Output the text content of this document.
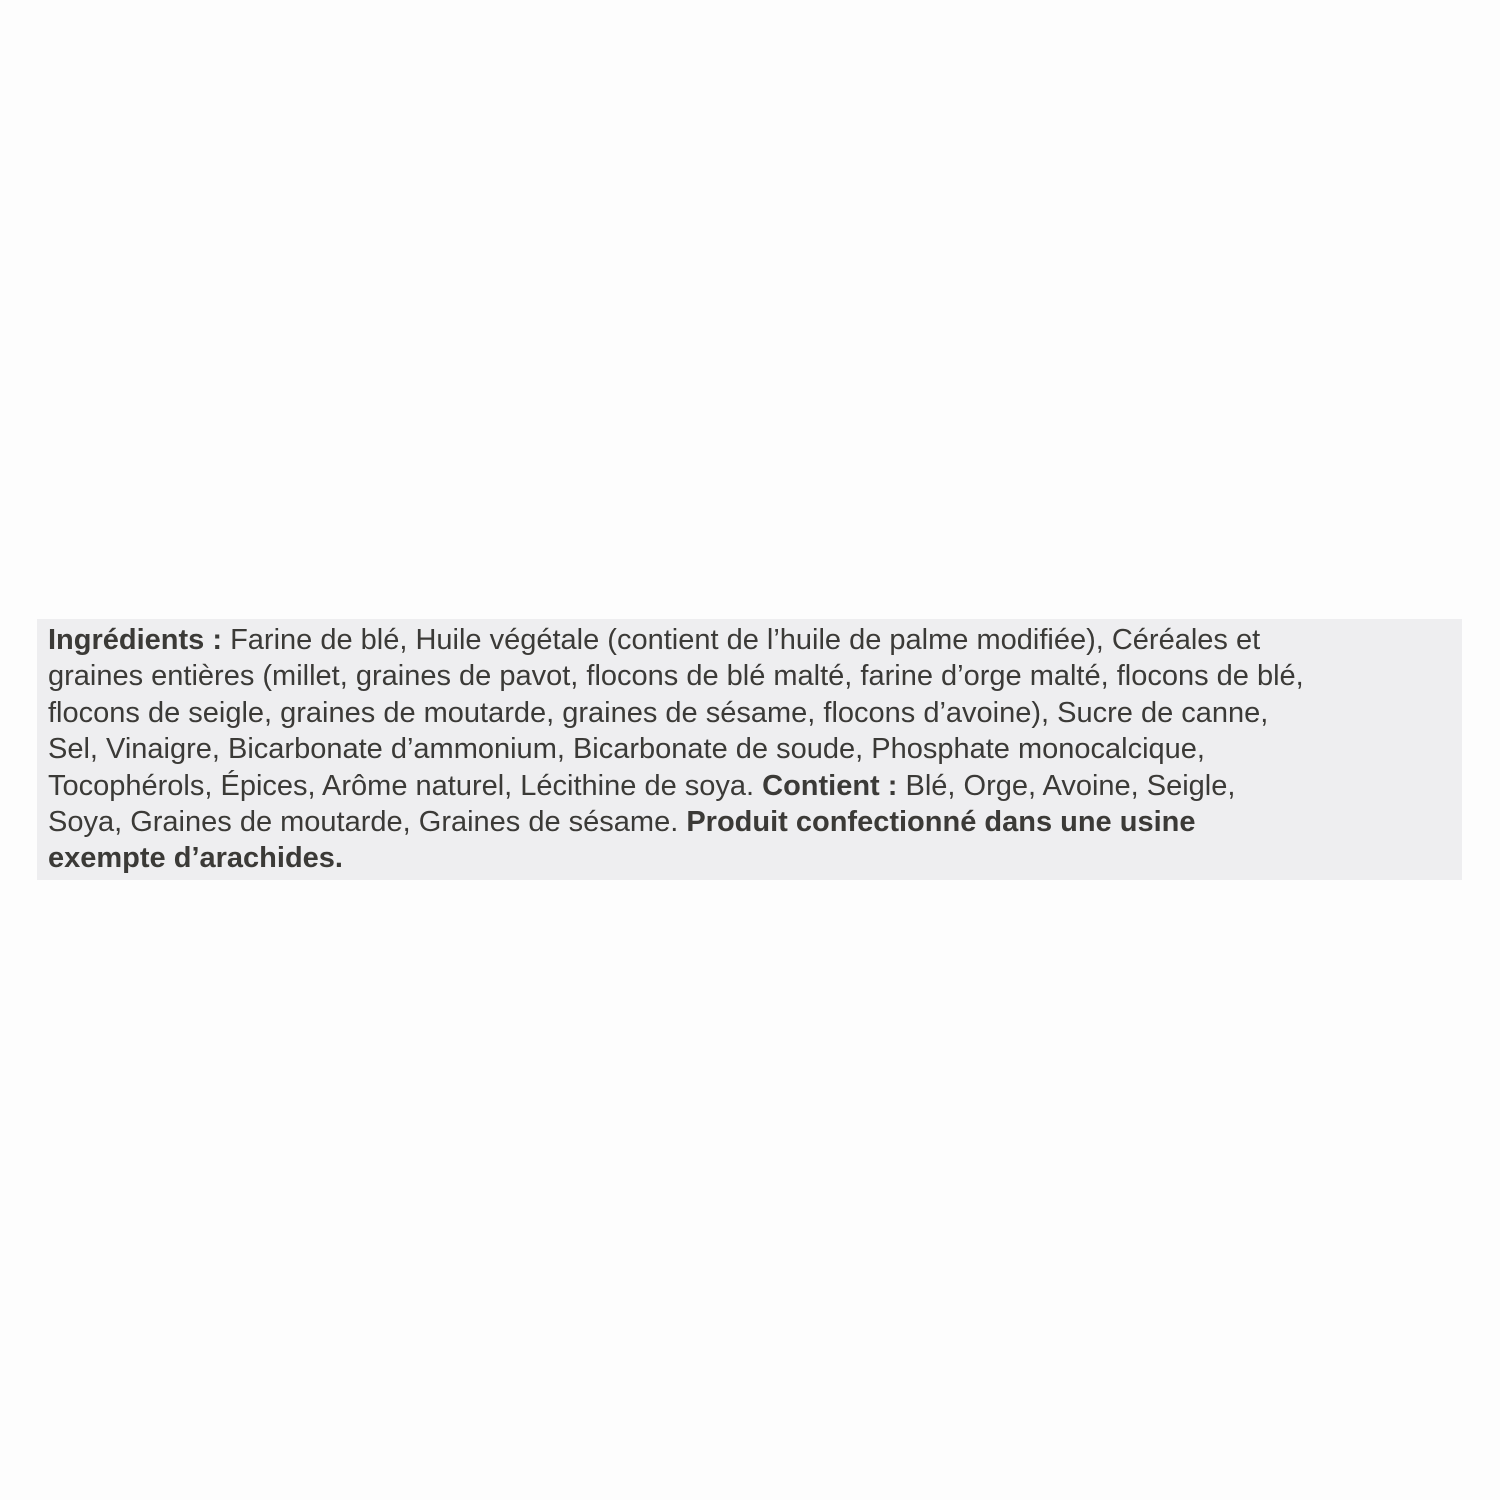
Ingrédients : Farine de blé, Huile végétale (contient de l’huile de palme modifiée), Céréales et
graines entières (millet, graines de pavot, flocons de blé malté, farine d’orge malté, flocons de blé,
flocons de seigle, graines de moutarde, graines de sésame, flocons d’avoine), Sucre de canne,
Sel, Vinaigre, Bicarbonate d’ammonium, Bicarbonate de soude, Phosphate monocalcique,
Tocophérols, Épices, Arôme naturel, Lécithine de soya. Contient : Blé, Orge, Avoine, Seigle,
Soya, Graines de moutarde, Graines de sésame. Produit confectionné dans une usine
exempte d’arachides.
